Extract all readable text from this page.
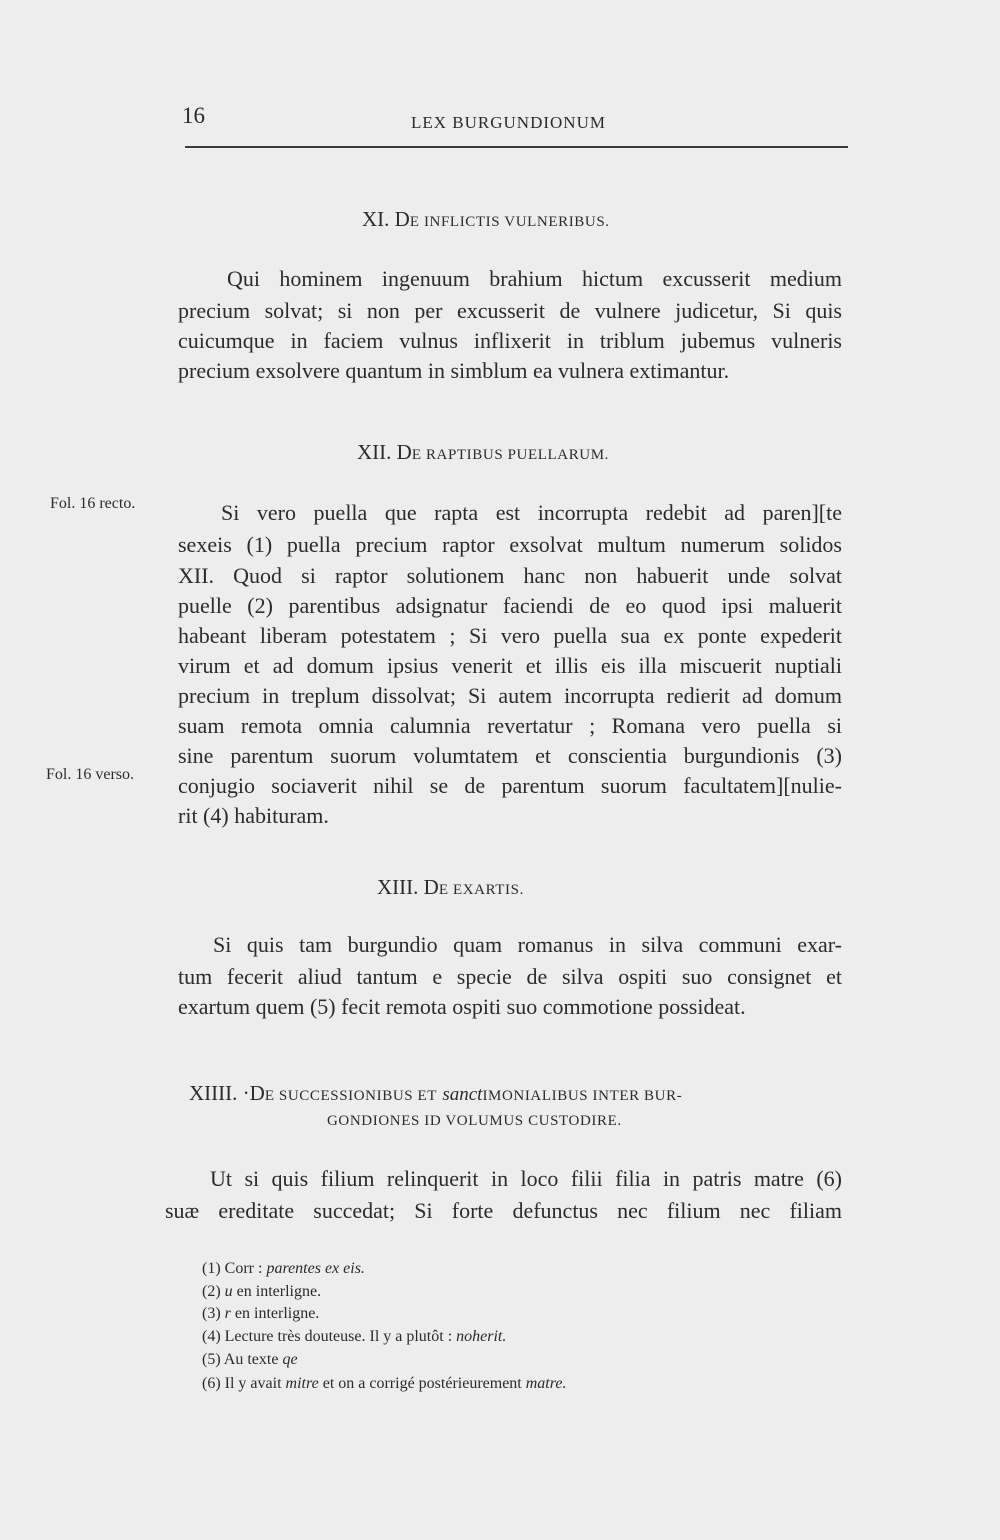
16	LEX BURGUNDIONUM
XI. DE INFLICTIS VULNERIBUS.
Qui hominem ingenuum brahium hictum excusserit medium
precium solvat; si non per excusserit de vulnere judicetur, Si quis
cuicumque in faciem vulnus inflixerit in triblum jubemus vulneris
precium exsolvere quantum in simblum ea vulnera extimantur.
XII. DE RAPTIBUS PUELLARUM.
Fol. 16 recto.
Fol. 16 verso.
Si vero puella que rapta est incorrupta redebit ad paren][te
sexeis (1) puella precium raptor exsolvat multum numerum solidos
XII. Quod si raptor solutionem hanc non habuerit unde solvat
puelle (2) parentibus adsignatur faciendi de eo quod ipsi maluerit
habeant liberam potestatem ; Si vero puella sua ex ponte expederit
virum et ad domum ipsius venerit et illis eis illa miscuerit nuptiali
precium in treplum dissolvat; Si autem incorrupta redierit ad domum
suam remota omnia calumnia revertatur ; Romana vero puella si
sine parentum suorum volumtatem et conscientia burgundionis (3)
conjugio sociaverit nihil se de parentum suorum facultatem][nulie-
rit (4) habituram.
XIII. DE EXARTIS.
Si quis tam burgundio quam romanus in silva communi exar-
tum fecerit aliud tantum e specie de silva ospiti suo consignet et
exartum quem (5) fecit remota ospiti suo commotione possideat.
XIIII. ·DE SUCCESSIONIBUS ET sanctIMONIALIBUS INTER BUR-
GONDIONES ID VOLUMUS CUSTODIRE.
Ut si quis filium relinquerit in loco filii filia in patris matre (6)
suæ ereditate succedat; Si forte defunctus nec filium nec filiam
(1) Corr : parentes ex eis.
(2) u en interligne.
(3) r en interligne.
(4) Lecture très douteuse. Il y a plutôt : noherit.
(5) Au texte qe
(6) Il y avait mitre et on a corrigé postérieurement matre.
